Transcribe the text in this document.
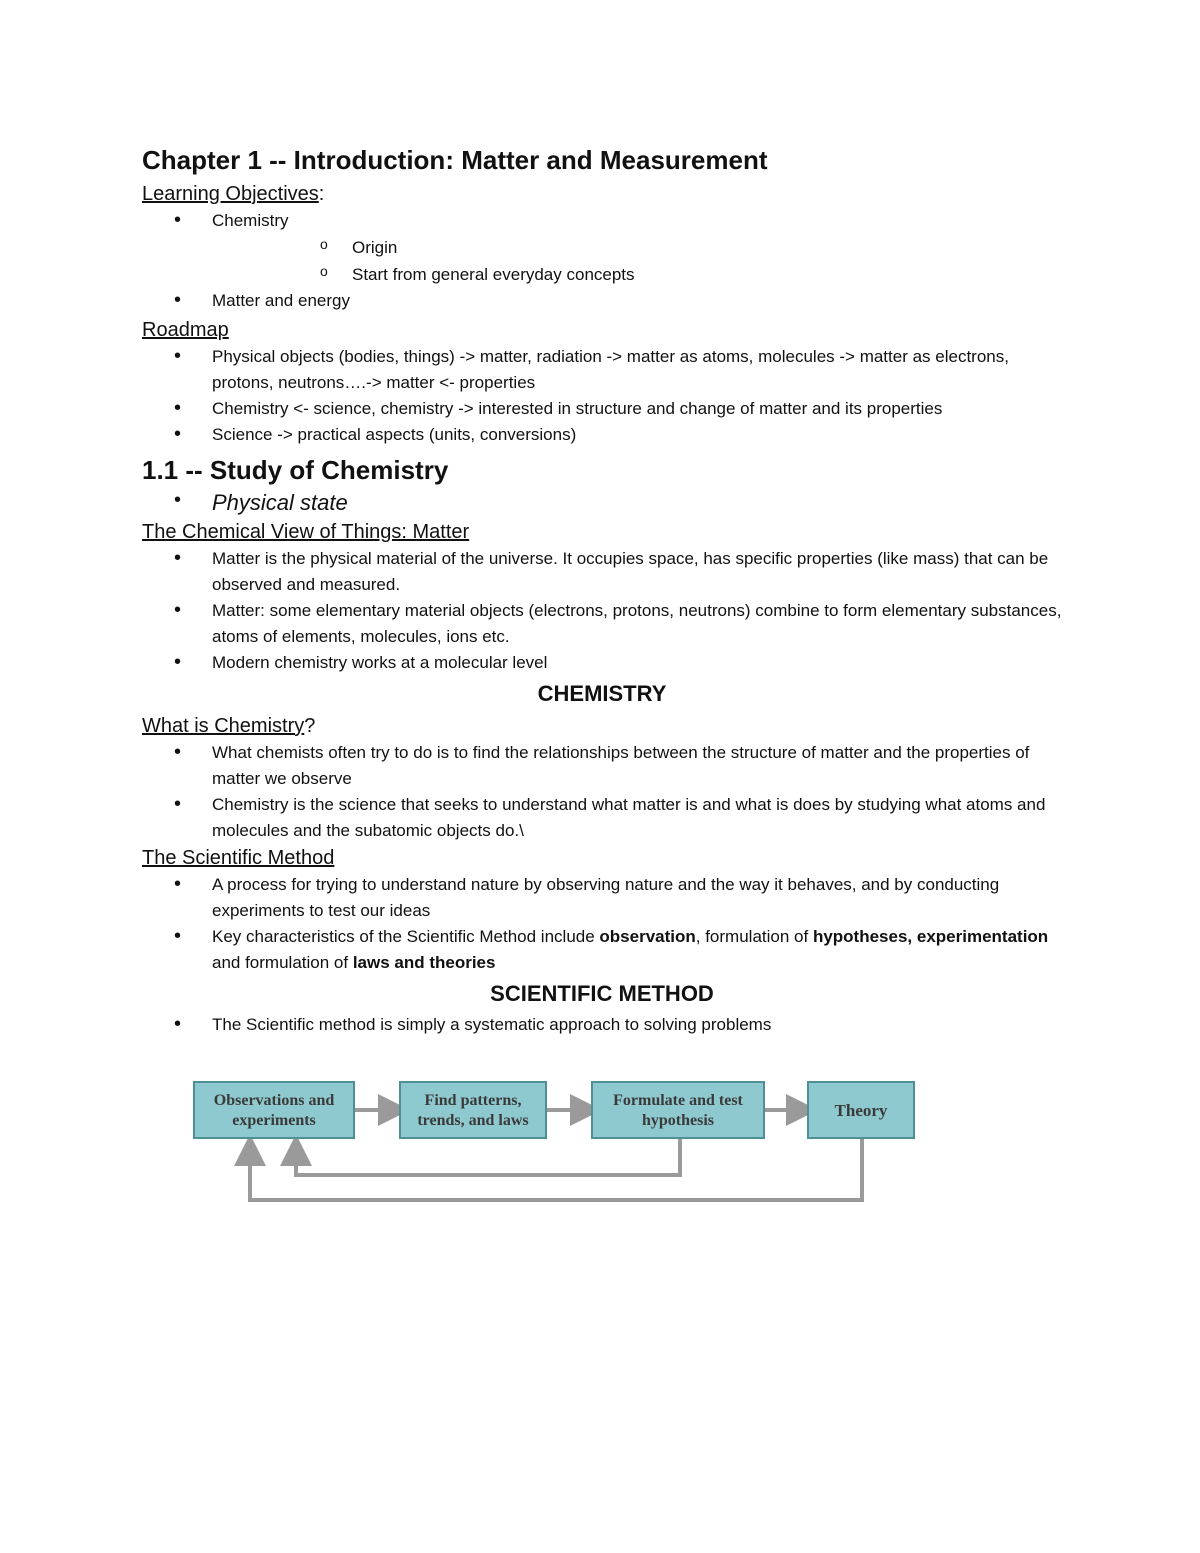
Chapter 1 -- Introduction: Matter and Measurement

Learning Objectives:

• Chemistry
o Origin
o Start from general everyday concepts
• Matter and energy

Roadmap

• Physical objects (bodies, things) -> matter, radiation -> matter as atoms, molecules -> matter as electrons, protons, neutrons….-> matter <- properties
• Chemistry <- science, chemistry -> interested in structure and change of matter and its properties
• Science -> practical aspects (units, conversions)
1.1 -- Study of Chemistry
• Physical state

The Chemical View of Things: Matter

• Matter is the physical material of the universe. It occupies space, has specific properties (like mass) that can be observed and measured.
• Matter: some elementary material objects (electrons, protons, neutrons) combine to form elementary substances, atoms of elements, molecules, ions etc.
• Modern chemistry works at a molecular level

CHEMISTRY

What is Chemistry?

• What chemists often try to do is to find the relationships between the structure of matter and the properties of matter we observe
• Chemistry is the science that seeks to understand what matter is and what is does by studying what atoms and molecules and the subatomic objects do.\

The Scientific Method

• A process for trying to understand nature by observing nature and the way it behaves, and by conducting experiments to test our ideas
• Key characteristics of the Scientific Method include observation, formulation of hypotheses, experimentation and formulation of laws and theories

SCIENTIFIC METHOD

• The Scientific method is simply a systematic approach to solving problems
Observations and
experiments
Find patterns,
trends, and laws
Formulate and test
hypothesis
Theory
